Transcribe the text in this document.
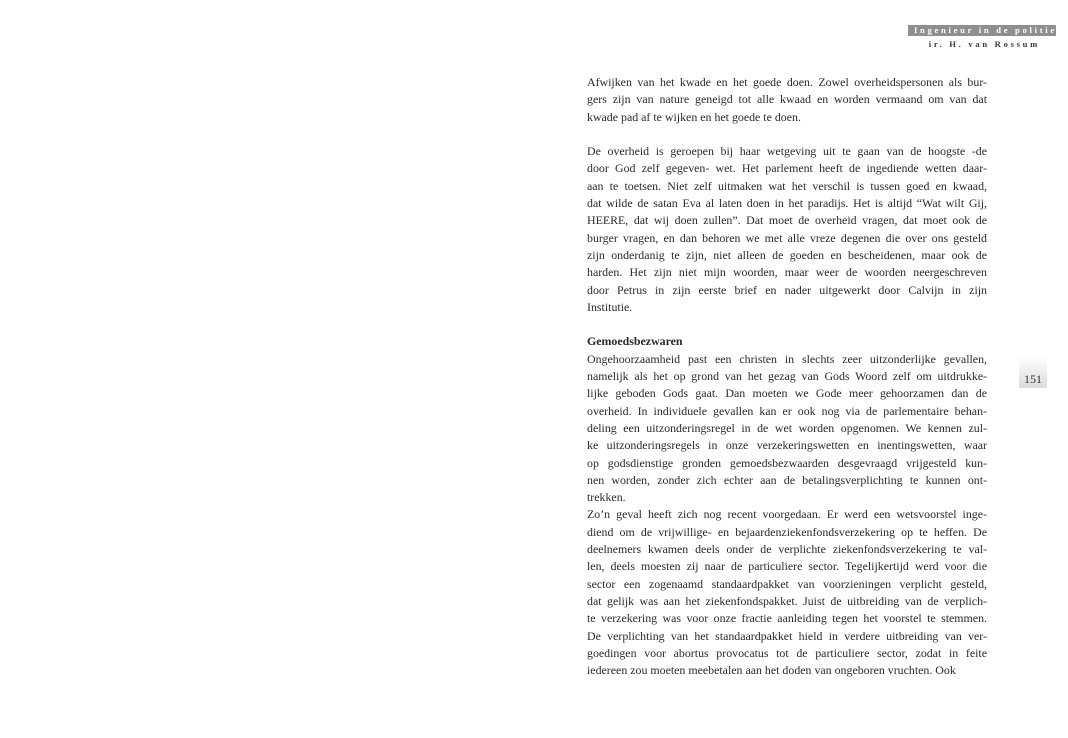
Ingenieur in de politiek
ir. H. van Rossum
151

Afwijken van het kwade en het goede doen. Zowel overheidspersonen als bur-

gers zijn van nature geneigd tot alle kwaad en worden vermaand om van dat

kwade pad af te wijken en het goede te doen.

De overheid is geroepen bij haar wetgeving uit te gaan van de hoogste -de

door God zelf gegeven- wet. Het parlement heeft de ingediende wetten daar-

aan te toetsen. Niet zelf uitmaken wat het verschil is tussen goed en kwaad,

dat wilde de satan Eva al laten doen in het paradijs. Het is altijd “Wat wilt Gij,

HEERE, dat wij doen zullen”. Dat moet de overheid vragen, dat moet ook de

burger vragen, en dan behoren we met alle vreze degenen die over ons gesteld

zijn onderdanig te zijn, niet alleen de goeden en bescheidenen, maar ook de

harden. Het zijn niet mijn woorden, maar weer de woorden neergeschreven

door Petrus in zijn eerste brief en nader uitgewerkt door Calvijn in zijn

Institutie.

Gemoedsbezwaren

Ongehoorzaamheid past een christen in slechts zeer uitzonderlijke gevallen,

namelijk als het op grond van het gezag van Gods Woord zelf om uitdrukke-

lijke geboden Gods gaat. Dan moeten we Gode meer gehoorzamen dan de

overheid. In individuele gevallen kan er ook nog via de parlementaire behan-

deling een uitzonderingsregel in de wet worden opgenomen. We kennen zul-

ke uitzonderingsregels in onze verzekeringswetten en inentingswetten, waar

op godsdienstige gronden gemoedsbezwaarden desgevraagd vrijgesteld kun-

nen worden, zonder zich echter aan de betalingsverplichting te kunnen ont-

trekken.

Zo’n geval heeft zich nog recent voorgedaan. Er werd een wetsvoorstel inge-

diend om de vrijwillige- en bejaardenziekenfondsverzekering op te heffen. De

deelnemers kwamen deels onder de verplichte ziekenfondsverzekering te val-

len, deels moesten zij naar de particuliere sector. Tegelijkertijd werd voor die

sector een zogenaamd standaardpakket van voorzieningen verplicht gesteld,

dat gelijk was aan het ziekenfondspakket. Juist de uitbreiding van de verplich-

te verzekering was voor onze fractie aanleiding tegen het voorstel te stemmen.

De verplichting van het standaardpakket hield in verdere uitbreiding van ver-

goedingen voor abortus provocatus tot de particuliere sector, zodat in feite

iedereen zou moeten meebetalen aan het doden van ongeboren vruchten. Ook
